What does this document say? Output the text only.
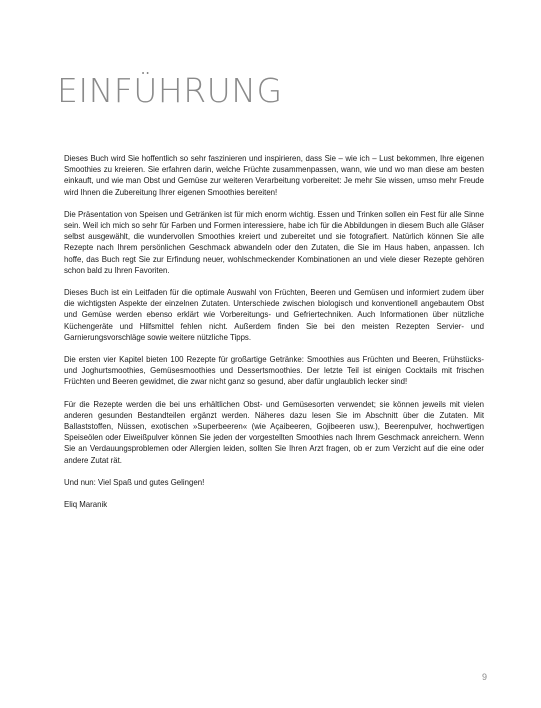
EINFÜHRUNG

Dieses Buch wird Sie hoffentlich so sehr faszinieren und inspirieren, dass Sie – wie ich – Lust bekommen, Ihre eigenen Smoothies zu kreieren. Sie erfahren darin, welche Früchte zusammenpassen, wann, wie und wo man diese am besten einkauft, und wie man Obst und Gemüse zur weiteren Verarbeitung vorbereitet: Je mehr Sie wissen, umso mehr Freude wird Ihnen die Zubereitung Ihrer eigenen Smoothies bereiten!

Die Präsentation von Speisen und Getränken ist für mich enorm wichtig. Essen und Trinken sollen ein Fest für alle Sinne sein. Weil ich mich so sehr für Farben und Formen interessiere, habe ich für die Abbildungen in diesem Buch alle Gläser selbst ausgewählt, die wundervollen Smoothies kreiert und zubereitet und sie fotografiert. Natürlich können Sie alle Rezepte nach Ihrem persönlichen Geschmack abwandeln oder den Zutaten, die Sie im Haus haben, anpassen. Ich hoffe, das Buch regt Sie zur Erfindung neuer, wohlschmeckender Kombinationen an und viele dieser Rezepte gehören schon bald zu Ihren Favoriten.

Dieses Buch ist ein Leitfaden für die optimale Auswahl von Früchten, Beeren und Gemüsen und informiert zudem über die wichtigsten Aspekte der einzelnen Zutaten. Unterschiede zwischen biologisch und konventionell angebautem Obst und Gemüse werden ebenso erklärt wie Vorbereitungs- und Gefriertechniken. Auch Informationen über nützliche Küchengeräte und Hilfsmittel fehlen nicht. Außerdem finden Sie bei den meisten Rezepten Servier- und Garnierungsvorschläge sowie weitere nützliche Tipps.

Die ersten vier Kapitel bieten 100 Rezepte für großartige Getränke: Smoothies aus Früchten und Beeren, Frühstücks- und Joghurtsmoothies, Gemüsesmoothies und Dessertsmoothies. Der letzte Teil ist einigen Cocktails mit frischen Früchten und Beeren gewidmet, die zwar nicht ganz so gesund, aber dafür unglaublich lecker sind!

Für die Rezepte werden die bei uns erhältlichen Obst- und Gemüsesorten verwendet; sie können jeweils mit vielen anderen gesunden Bestandteilen ergänzt werden. Näheres dazu lesen Sie im Abschnitt über die Zutaten. Mit Ballaststoffen, Nüssen, exotischen »Superbeeren« (wie Açaibeeren, Gojibeeren usw.), Beerenpulver, hochwertigen Speiseölen oder Eiweißpulver können Sie jeden der vorgestellten Smoothies nach Ihrem Geschmack anreichern. Wenn Sie an Verdauungsproblemen oder Allergien leiden, sollten Sie Ihren Arzt fragen, ob er zum Verzicht auf die eine oder andere Zutat rät.

Und nun: Viel Spaß und gutes Gelingen!

Eliq Maranik

9
